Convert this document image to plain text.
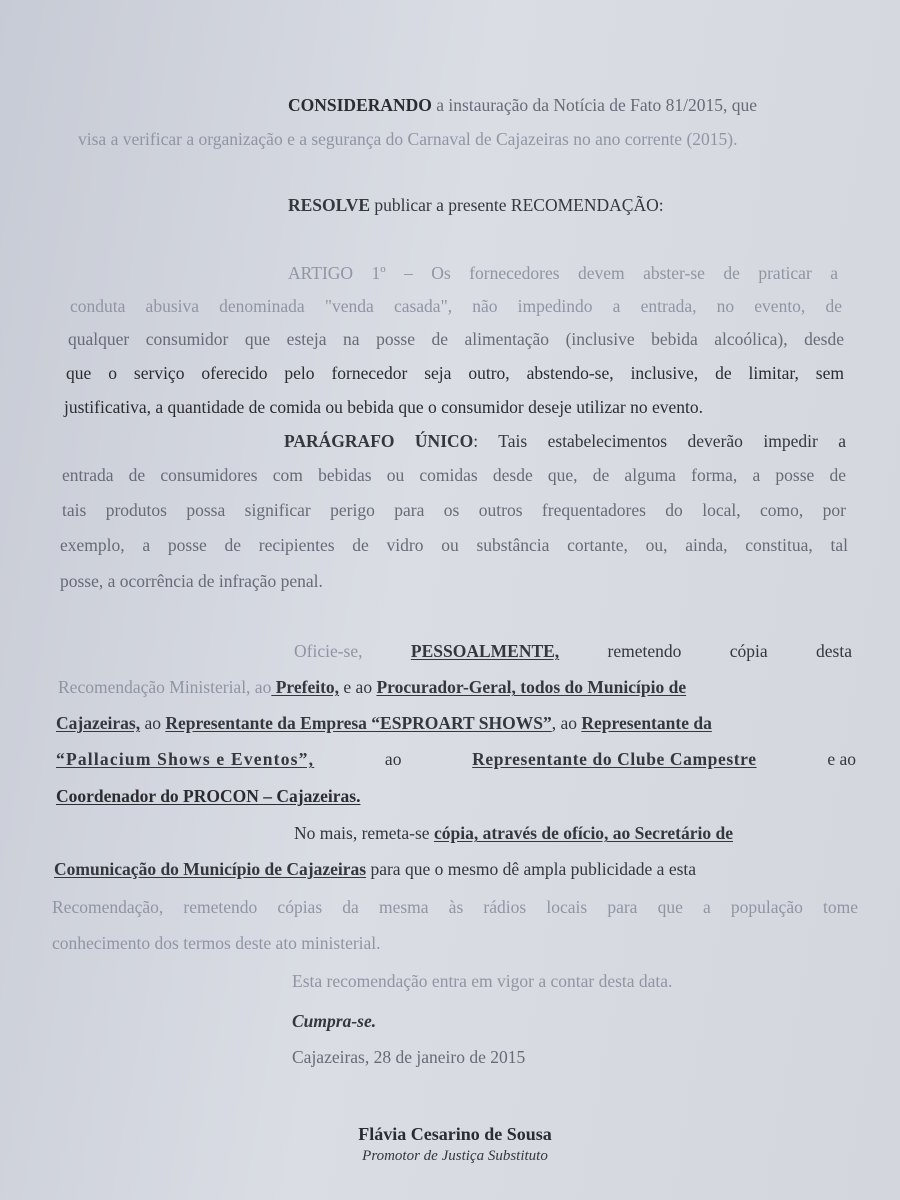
CONSIDERANDO a instauração da Notícia de Fato 81/2015, que
visa a verificar a organização e a segurança do Carnaval de Cajazeiras no ano corrente (2015).
RESOLVE publicar a presente RECOMENDAÇÃO:
ARTIGO 1º – Os fornecedores devem abster-se de praticar a
conduta abusiva denominada "venda casada", não impedindo a entrada, no evento, de
qualquer consumidor que esteja na posse de alimentação (inclusive bebida alcoólica), desde
que o serviço oferecido pelo fornecedor seja outro, abstendo-se, inclusive, de limitar, sem
justificativa, a quantidade de comida ou bebida que o consumidor deseje utilizar no evento.
PARÁGRAFO ÚNICO: Tais estabelecimentos deverão impedir a
entrada de consumidores com bebidas ou comidas desde que, de alguma forma, a posse de
tais produtos possa significar perigo para os outros frequentadores do local, como, por
exemplo, a posse de recipientes de vidro ou substância cortante, ou, ainda, constitua, tal
posse, a ocorrência de infração penal.
Oficie-se,	PESSOALMENTE,	remetendo	cópia	desta
Recomendação Ministerial, ao Prefeito, e ao Procurador-Geral, todos do Município de
Cajazeiras, ao Representante da Empresa “ESPROART SHOWS”, ao Representante da
“Pallacium Shows e Eventos”,	ao	Representante do Clube Campestre	e ao
Coordenador do PROCON – Cajazeiras.
No mais, remeta-se cópia, através de ofício, ao Secretário de
Comunicação do Município de Cajazeiras para que o mesmo dê ampla publicidade a esta
Recomendação, remetendo cópias da mesma às rádios locais para que a população tome
conhecimento dos termos deste ato ministerial.
Esta recomendação entra em vigor a contar desta data.
Cumpra-se.
Cajazeiras, 28 de janeiro de 2015
Flávia Cesarino de Sousa
Promotor de Justiça Substituto
